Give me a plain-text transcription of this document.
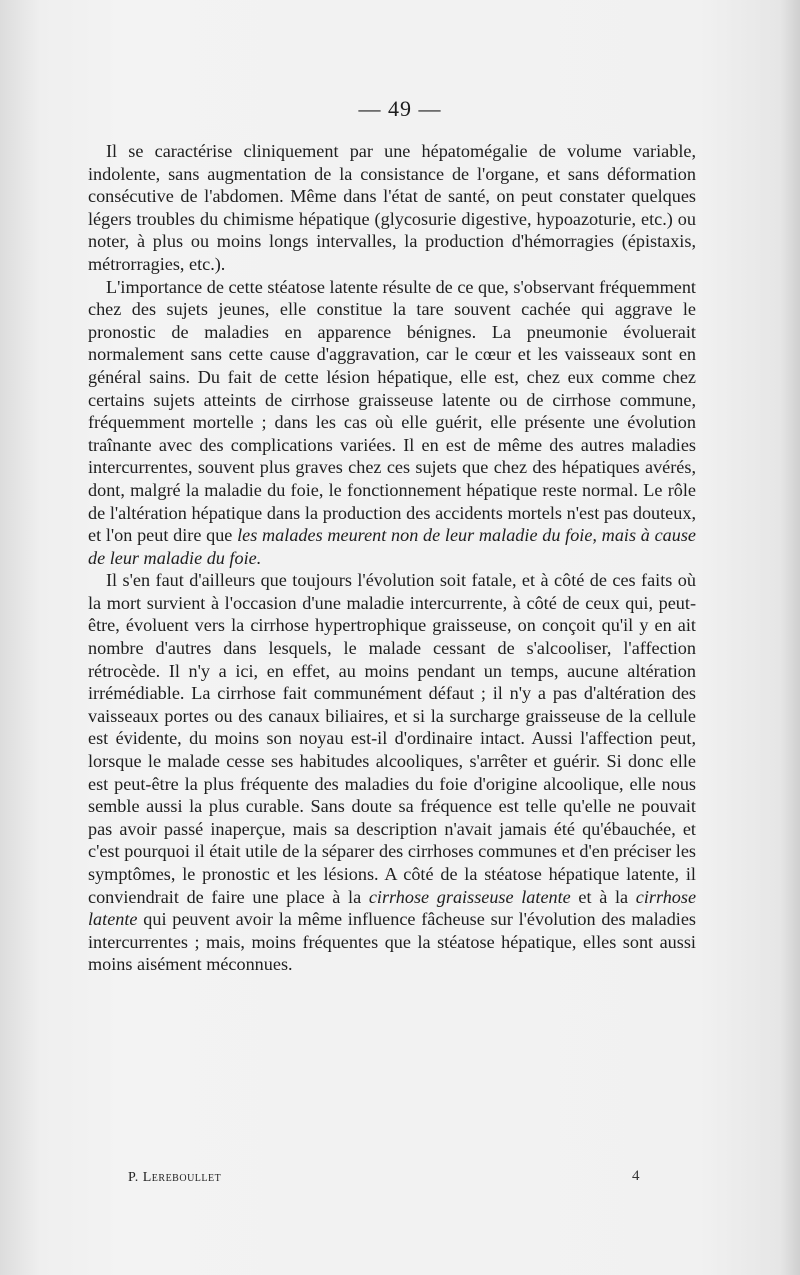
— 49 —

Il se caractérise cliniquement par une hépatomégalie de volume variable, indolente, sans augmentation de la consistance de l'organe, et sans déformation consécutive de l'abdomen. Même dans l'état de santé, on peut constater quelques légers troubles du chimisme hépatique (glycosurie digestive, hypoazoturie, etc.) ou noter, à plus ou moins longs intervalles, la production d'hémorragies (épistaxis, métrorragies, etc.).

L'importance de cette stéatose latente résulte de ce que, s'observant fréquemment chez des sujets jeunes, elle constitue la tare souvent cachée qui aggrave le pronostic de maladies en apparence bénignes. La pneumonie évoluerait normalement sans cette cause d'aggravation, car le cœur et les vaisseaux sont en général sains. Du fait de cette lésion hépatique, elle est, chez eux comme chez certains sujets atteints de cirrhose graisseuse latente ou de cirrhose commune, fréquemment mortelle ; dans les cas où elle guérit, elle présente une évolution traînante avec des complications variées. Il en est de même des autres maladies intercurrentes, souvent plus graves chez ces sujets que chez des hépatiques avérés, dont, malgré la maladie du foie, le fonctionnement hépatique reste normal. Le rôle de l'altération hépatique dans la production des accidents mortels n'est pas douteux, et l'on peut dire que les malades meurent non de leur maladie du foie, mais à cause de leur maladie du foie.

Il s'en faut d'ailleurs que toujours l'évolution soit fatale, et à côté de ces faits où la mort survient à l'occasion d'une maladie intercurrente, à côté de ceux qui, peut-être, évoluent vers la cirrhose hypertrophique graisseuse, on conçoit qu'il y en ait nombre d'autres dans lesquels, le malade cessant de s'alcooliser, l'affection rétrocède. Il n'y a ici, en effet, au moins pendant un temps, aucune altération irrémédiable. La cirrhose fait communément défaut ; il n'y a pas d'altération des vaisseaux portes ou des canaux biliaires, et si la surcharge graisseuse de la cellule est évidente, du moins son noyau est-il d'ordinaire intact. Aussi l'affection peut, lorsque le malade cesse ses habitudes alcooliques, s'arrêter et guérir. Si donc elle est peut-être la plus fréquente des maladies du foie d'origine alcoolique, elle nous semble aussi la plus curable. Sans doute sa fréquence est telle qu'elle ne pouvait pas avoir passé inaperçue, mais sa description n'avait jamais été qu'ébauchée, et c'est pourquoi il était utile de la séparer des cirrhoses communes et d'en préciser les symptômes, le pronostic et les lésions. A côté de la stéatose hépatique latente, il conviendrait de faire une place à la cirrhose graisseuse latente et à la cirrhose latente qui peuvent avoir la même influence fâcheuse sur l'évolution des maladies intercurrentes ; mais, moins fréquentes que la stéatose hépatique, elles sont aussi moins aisément méconnues.

P. Lereboullet	4
